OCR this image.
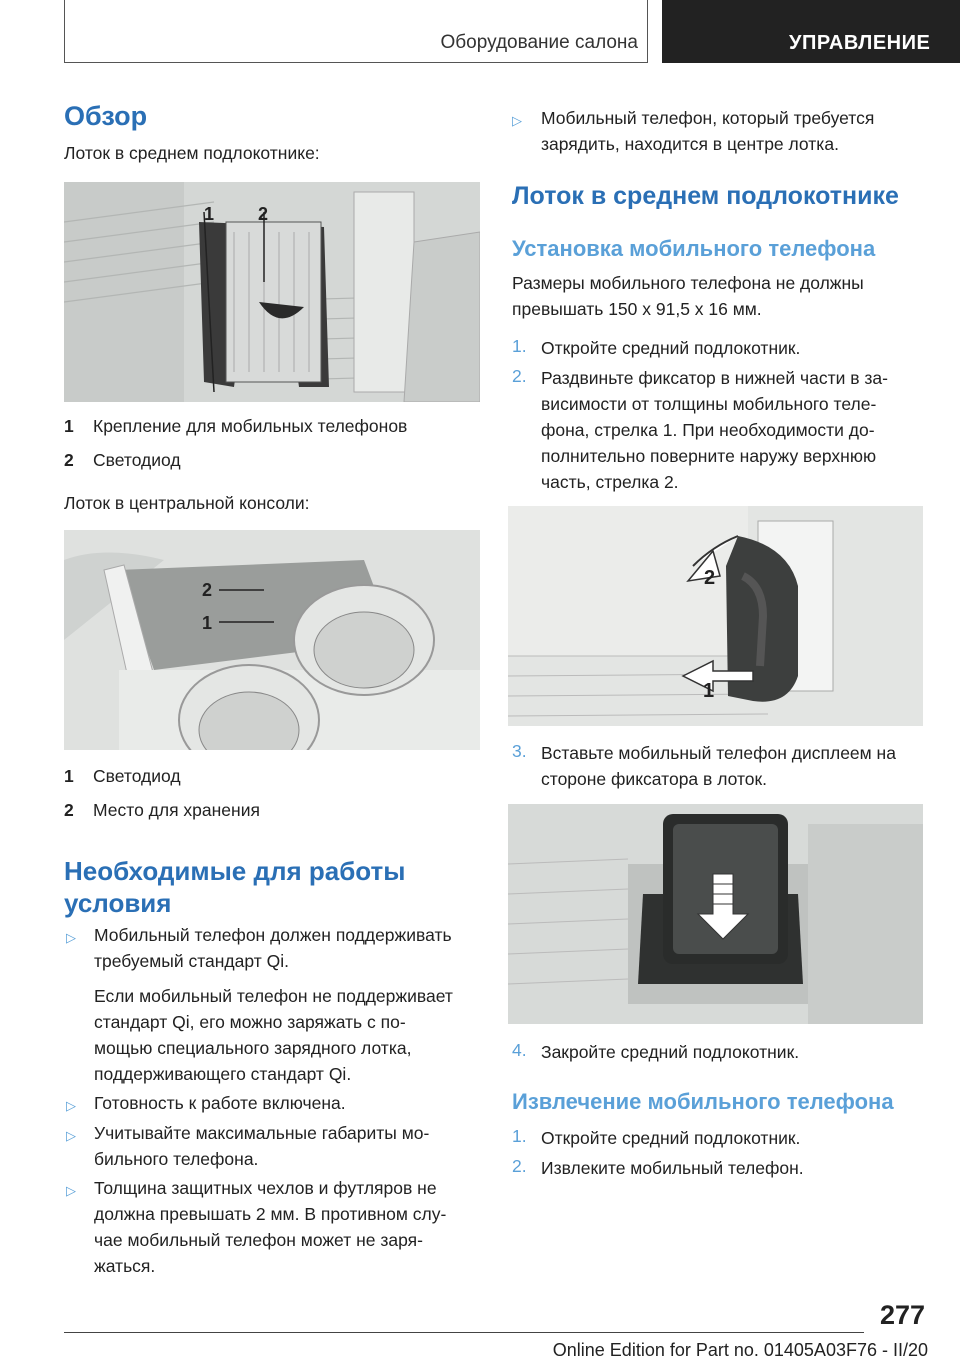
Оборудование салона	УПРАВЛЕНИЕ
Обзор
Лоток в среднем подлокотнике:
1 2
1 Крепление для мобильных телефонов
2 Светодиод
Лоток в центральной консоли:
2
1
1 Светодиод
2 Место для хранения
Необходимые для работы
условия
▷ Мобильный телефон должен поддерживать
требуемый стандарт Qi.
Если мобильный телефон не поддерживает
стандарт Qi, его можно заряжать с по-
мощью специального зарядного лотка,
поддерживающего стандарт Qi.
▷ Готовность к работе включена.
▷ Учитывайте максимальные габариты мо-
бильного телефона.
▷ Толщина защитных чехлов и футляров не
должна превышать 2 мм. В противном слу-
чае мобильный телефон может не заря-
жаться.
▷ Мобильный телефон, который требуется
зарядить, находится в центре лотка.
Лоток в среднем подлокотнике
Установка мобильного телефона
Размеры мобильного телефона не должны
превышать 150 x 91,5 x 16 мм.
1. Откройте средний подлокотник.
2. Раздвиньте фиксатор в нижней части в за-
висимости от толщины мобильного теле-
фона, стрелка 1. При необходимости до-
полнительно поверните наружу верхнюю
часть, стрелка 2.
2
1
3. Вставьте мобильный телефон дисплеем на
стороне фиксатора в лоток.
4. Закройте средний подлокотник.
Извлечение мобильного телефона
1. Откройте средний подлокотник.
2. Извлеките мобильный телефон.
277
Online Edition for Part no. 01405A03F76 - II/20
